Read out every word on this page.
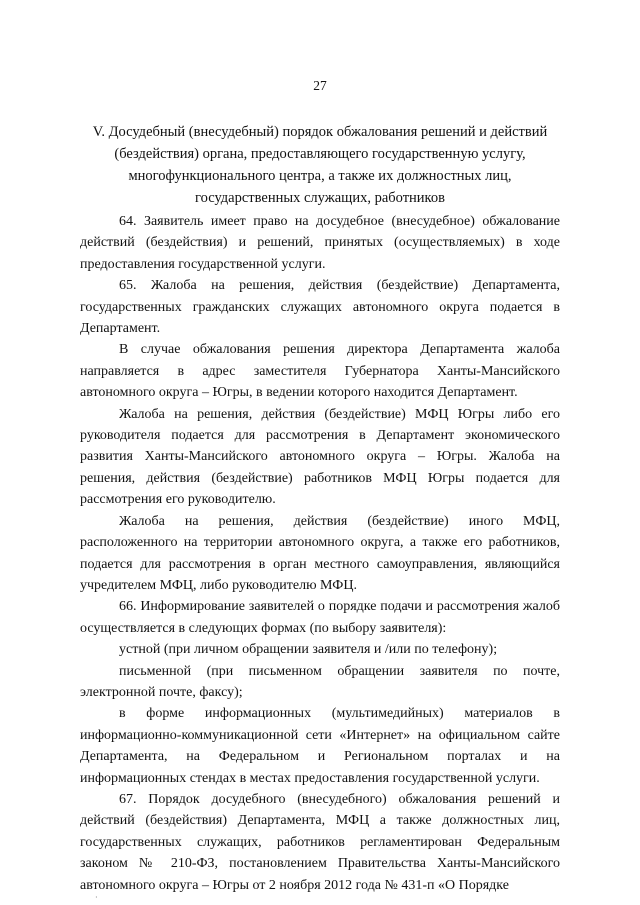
27
V. Досудебный (внесудебный) порядок обжалования решений и действий (бездействия) органа, предоставляющего государственную услугу, многофункционального центра, а также их должностных лиц, государственных служащих, работников

64. Заявитель имеет право на досудебное (внесудебное) обжалование действий (бездействия) и решений, принятых (осуществляемых) в ходе предоставления государственной услуги.

65. Жалоба на решения, действия (бездействие) Департамента, государственных гражданских служащих автономного округа подается в Департамент.

В случае обжалования решения директора Департамента жалоба направляется в адрес заместителя Губернатора Ханты-Мансийского автономного округа – Югры, в ведении которого находится Департамент.

Жалоба на решения, действия (бездействие) МФЦ Югры либо его руководителя подается для рассмотрения в Департамент экономического развития Ханты-Мансийского автономного округа – Югры. Жалоба на решения, действия (бездействие) работников МФЦ Югры подается для рассмотрения его руководителю.

Жалоба на решения, действия (бездействие) иного МФЦ, расположенного на территории автономного округа, а также его работников, подается для рассмотрения в орган местного самоуправления, являющийся учредителем МФЦ, либо руководителю МФЦ.

66. Информирование заявителей о порядке подачи и рассмотрения жалоб осуществляется в следующих формах (по выбору заявителя):

устной (при личном обращении заявителя и /или по телефону);

письменной (при письменном обращении заявителя по почте, электронной почте, факсу);

в форме информационных (мультимедийных) материалов в информационно-коммуникационной сети «Интернет» на официальном сайте Департамента, на Федеральном и Региональном порталах и на информационных стендах в местах предоставления государственной услуги.

67. Порядок досудебного (внесудебного) обжалования решений и действий (бездействия) Департамента, МФЦ а также должностных лиц, государственных служащих, работников регламентирован Федеральным законом № 210-ФЗ, постановлением Правительства Ханты-Мансийского автономного округа – Югры от 2 ноября 2012 года № 431-п «О Порядке

·
